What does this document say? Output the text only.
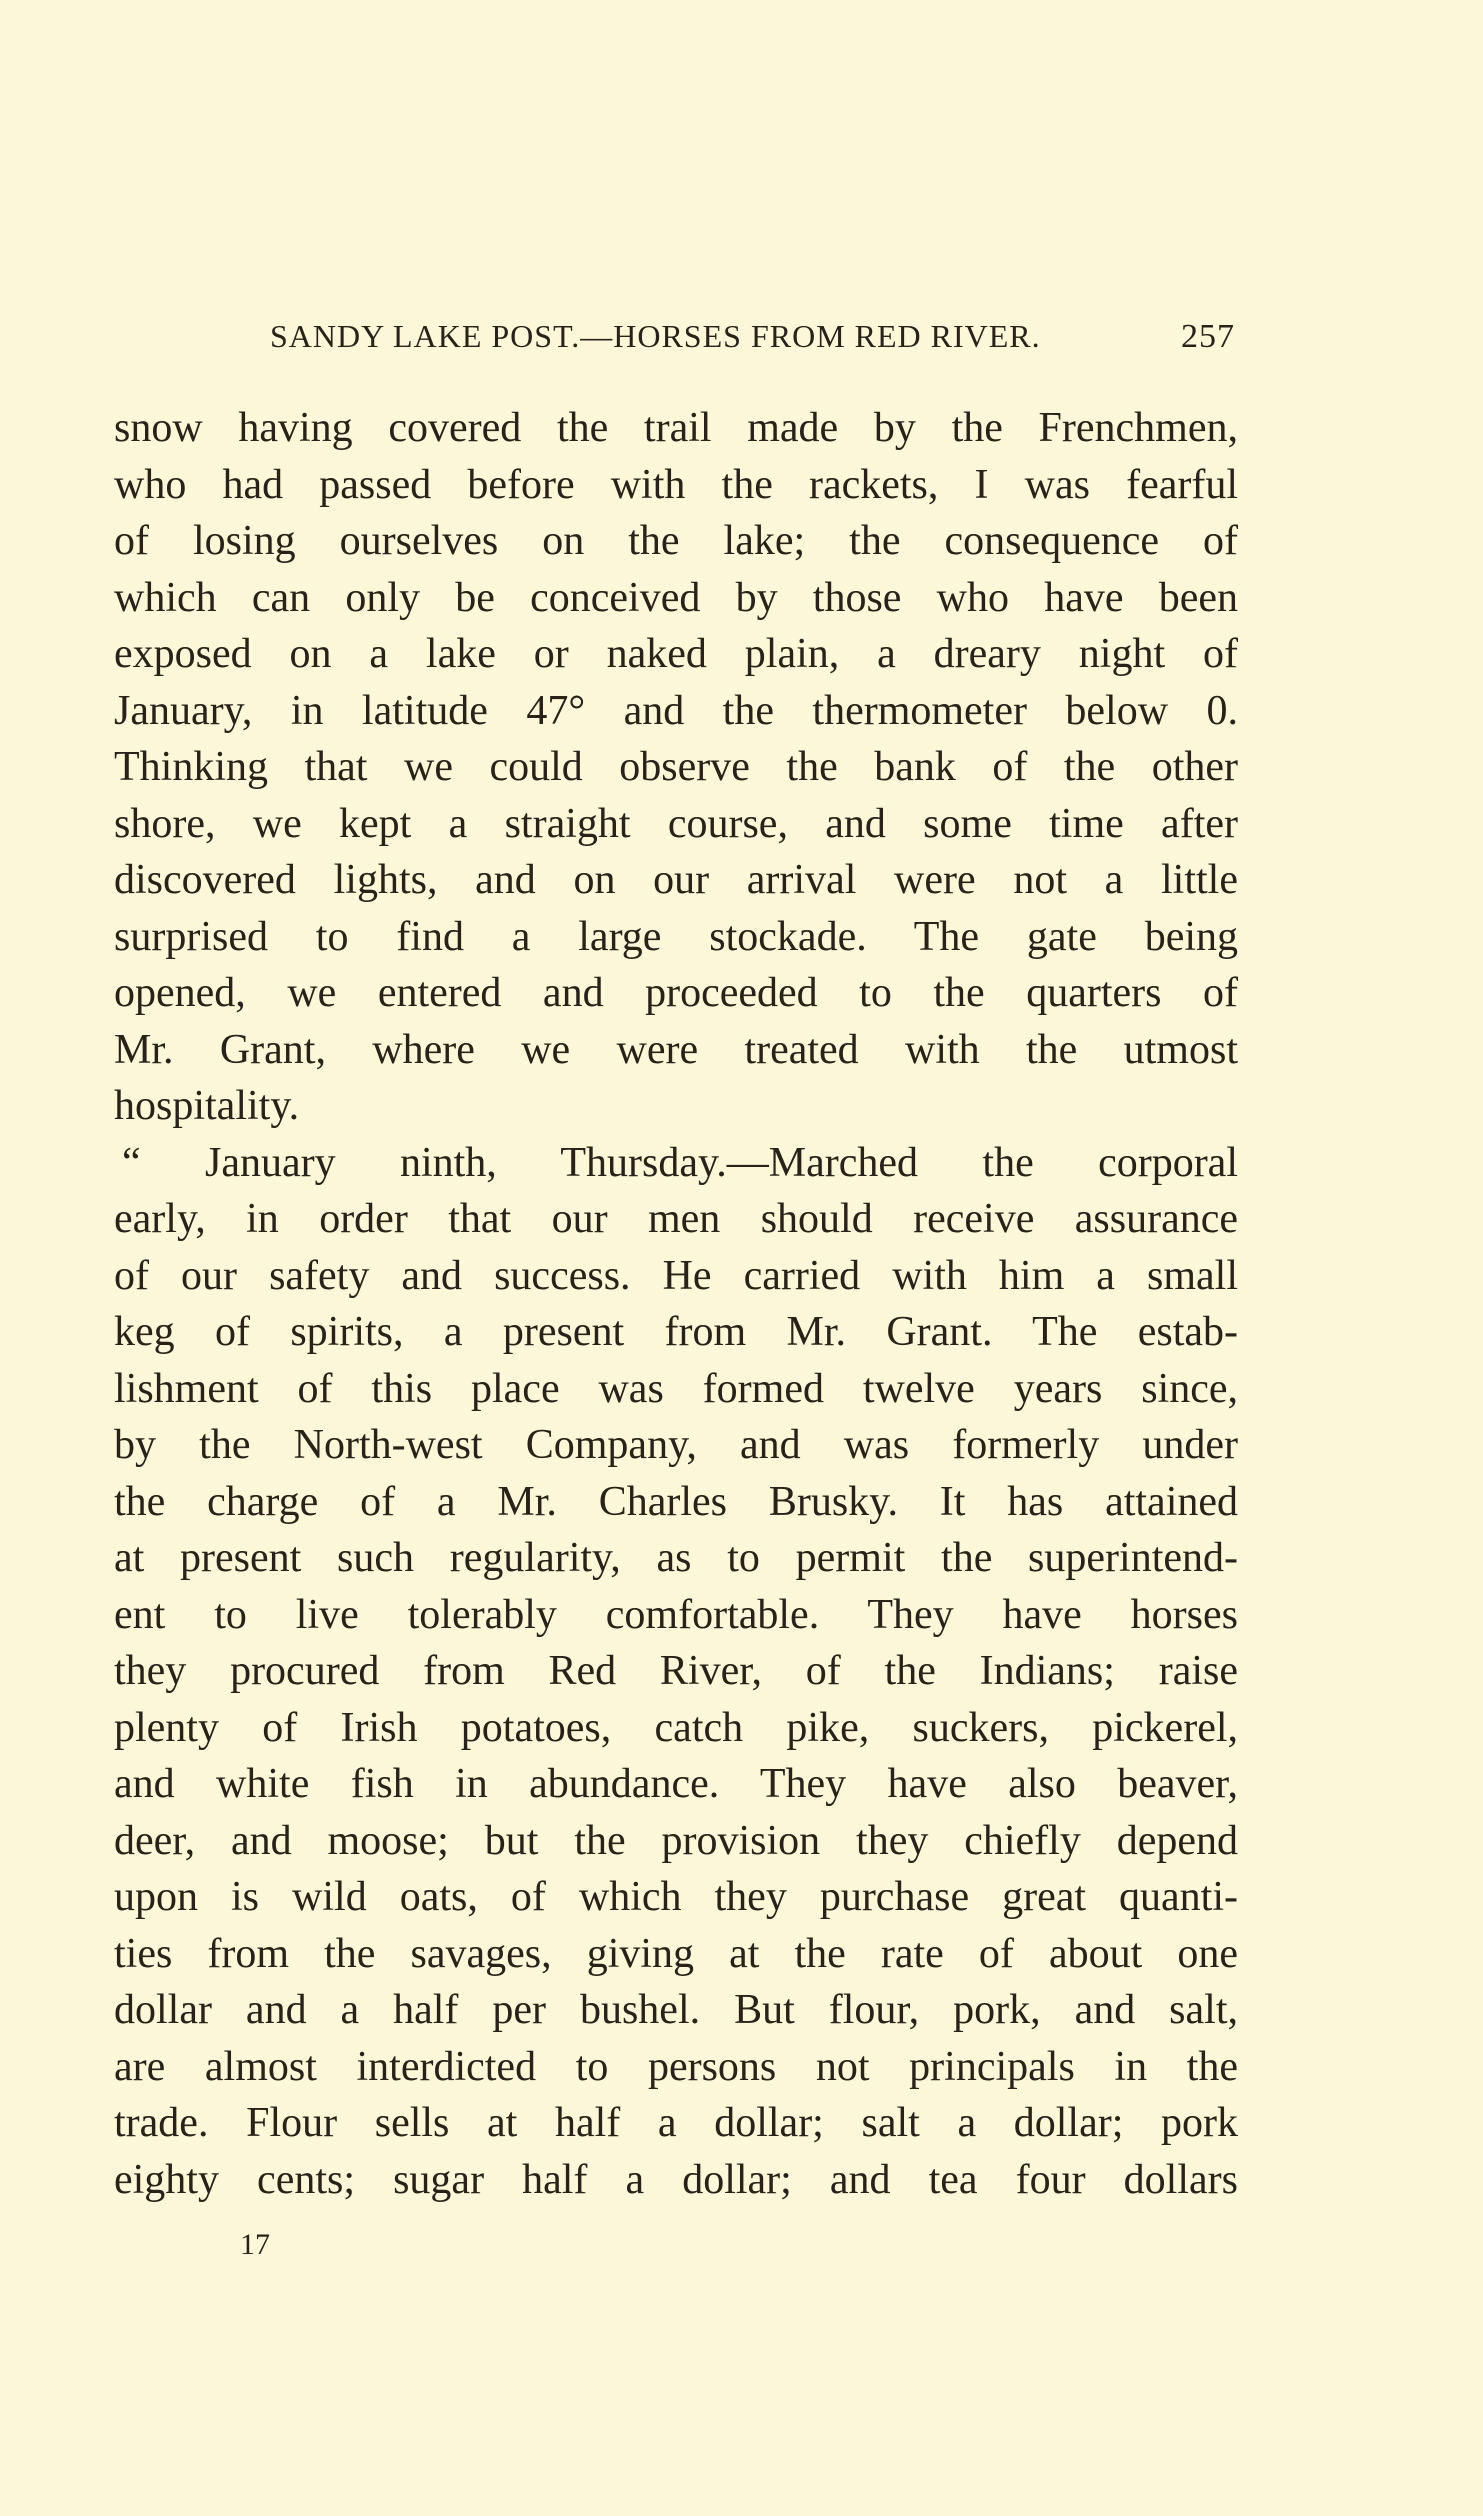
SANDY LAKE POST.—HORSES FROM RED RIVER.	257
snow having covered the trail made by the Frenchmen,
who had passed before with the rackets, I was fearful
of losing ourselves on the lake; the consequence of
which can only be conceived by those who have been
exposed on a lake or naked plain, a dreary night of
January, in latitude 47° and the thermometer below 0.
Thinking that we could observe the bank of the other
shore, we kept a straight course, and some time after
discovered lights, and on our arrival were not a little
surprised to find a large stockade. The gate being
opened, we entered and proceeded to the quarters of
Mr. Grant, where we were treated with the utmost
hospitality.
“ January ninth, Thursday.—Marched the corporal
early, in order that our men should receive assurance
of our safety and success. He carried with him a small
keg of spirits, a present from Mr. Grant. The estab-
lishment of this place was formed twelve years since,
by the North-west Company, and was formerly under
the charge of a Mr. Charles Brusky. It has attained
at present such regularity, as to permit the superintend-
ent to live tolerably comfortable. They have horses
they procured from Red River, of the Indians; raise
plenty of Irish potatoes, catch pike, suckers, pickerel,
and white fish in abundance. They have also beaver,
deer, and moose; but the provision they chiefly depend
upon is wild oats, of which they purchase great quanti-
ties from the savages, giving at the rate of about one
dollar and a half per bushel. But flour, pork, and salt,
are almost interdicted to persons not principals in the
trade. Flour sells at half a dollar; salt a dollar; pork
eighty cents; sugar half a dollar; and tea four dollars
17
